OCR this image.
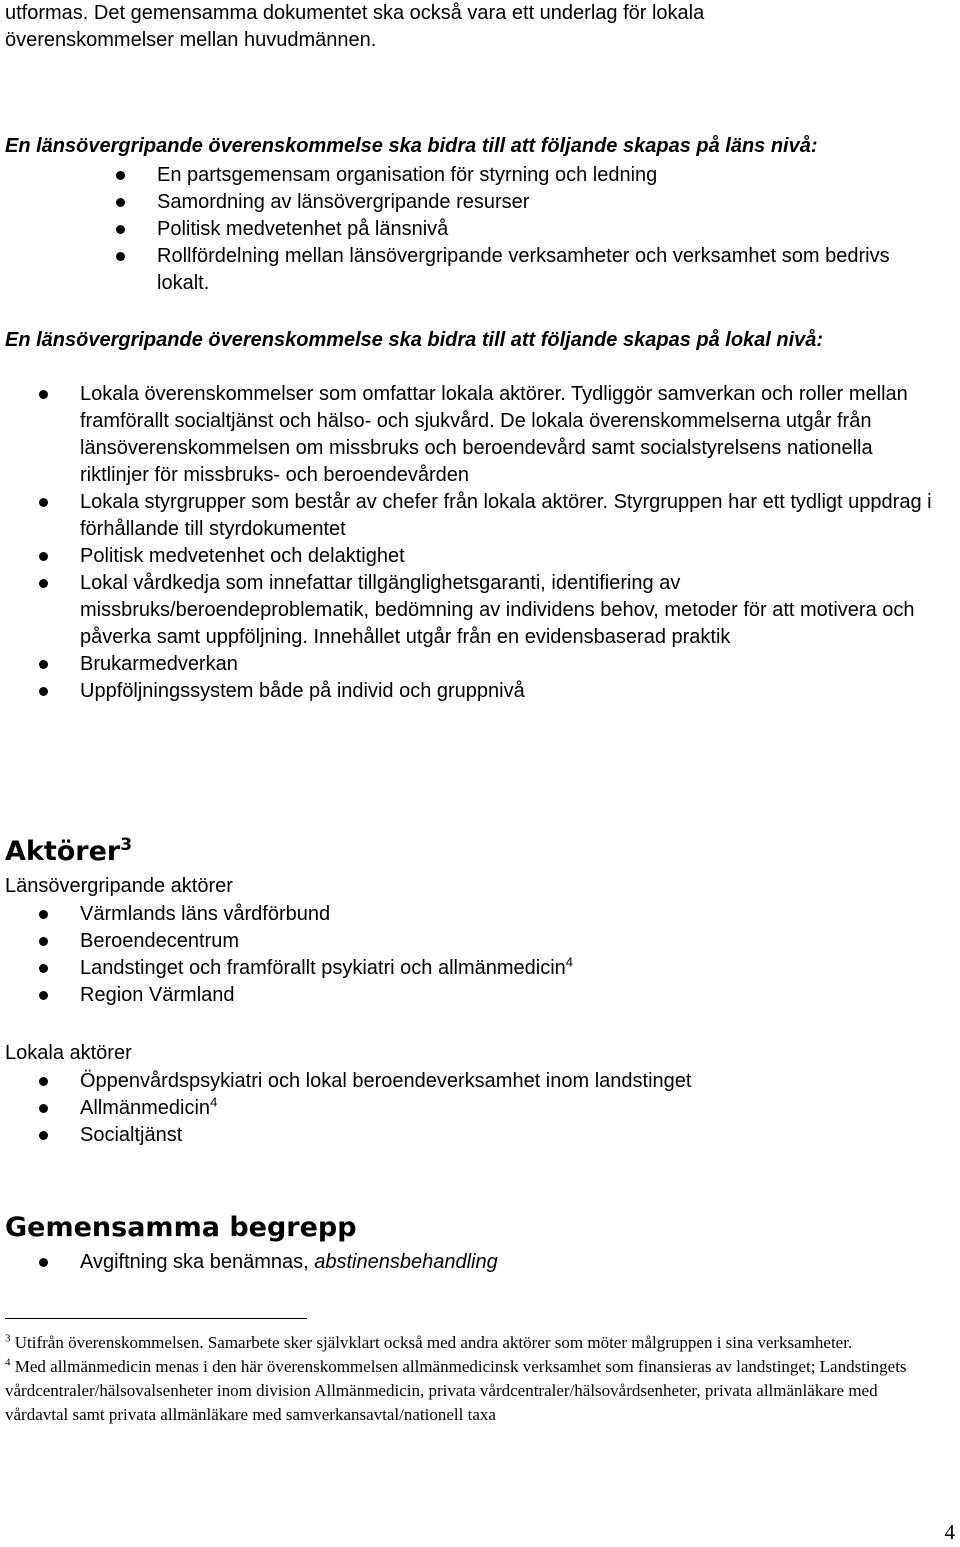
utformas. Det gemensamma dokumentet ska också vara ett underlag för lokala
överenskommelser mellan huvudmännen.

En länsövergripande överenskommelse ska bidra till att följande skapas på läns nivå:

En partsgemensam organisation för styrning och ledning
Samordning av länsövergripande resurser
Politisk medvetenhet på länsnivå
Rollfördelning mellan länsövergripande verksamheter och verksamhet som bedrivs lokalt.

En länsövergripande överenskommelse ska bidra till att följande skapas på lokal nivå:

Lokala överenskommelser som omfattar lokala aktörer. Tydliggör samverkan och roller mellan framförallt socialtjänst och hälso- och sjukvård. De lokala överenskommelserna utgår från länsöverenskommelsen om missbruks och beroendevård samt socialstyrelsens nationella riktlinjer för missbruks- och beroendevården
Lokala styrgrupper som består av chefer från lokala aktörer. Styrgruppen har ett tydligt uppdrag i förhållande till styrdokumentet
Politisk medvetenhet och delaktighet
Lokal vårdkedja som innefattar tillgänglighetsgaranti, identifiering av missbruks/beroendeproblematik, bedömning av individens behov, metoder för att motivera och påverka samt uppföljning. Innehållet utgår från en evidensbaserad praktik
Brukarmedverkan
Uppföljningssystem både på individ och gruppnivå
Aktörer$^3$

Länsövergripande aktörer

Värmlands läns vårdförbund
Beroendecentrum
Landstinget och framförallt psykiatri och allmänmedicin$^4$
Region Värmland

Lokala aktörer

Öppenvårdspsykiatri och lokal beroendeverksamhet inom landstinget
Allmänmedicin$^4$
Socialtjänst
Gemensamma begrepp
Avgiftning ska benämnas, abstinensbehandling

$^3$ Utifrån överenskommelsen. Samarbete sker självklart också med andra aktörer som möter målgruppen i sina verksamheter.

$^4$ Med allmänmedicin menas i den här överenskommelsen allmänmedicinsk verksamhet som finansieras av landstinget; Landstingets vårdcentraler/hälsovalsenheter inom division Allmänmedicin, privata vårdcentraler/hälsovårdsenheter, privata allmänläkare med vårdavtal samt privata allmänläkare med samverkansavtal/nationell taxa

4
